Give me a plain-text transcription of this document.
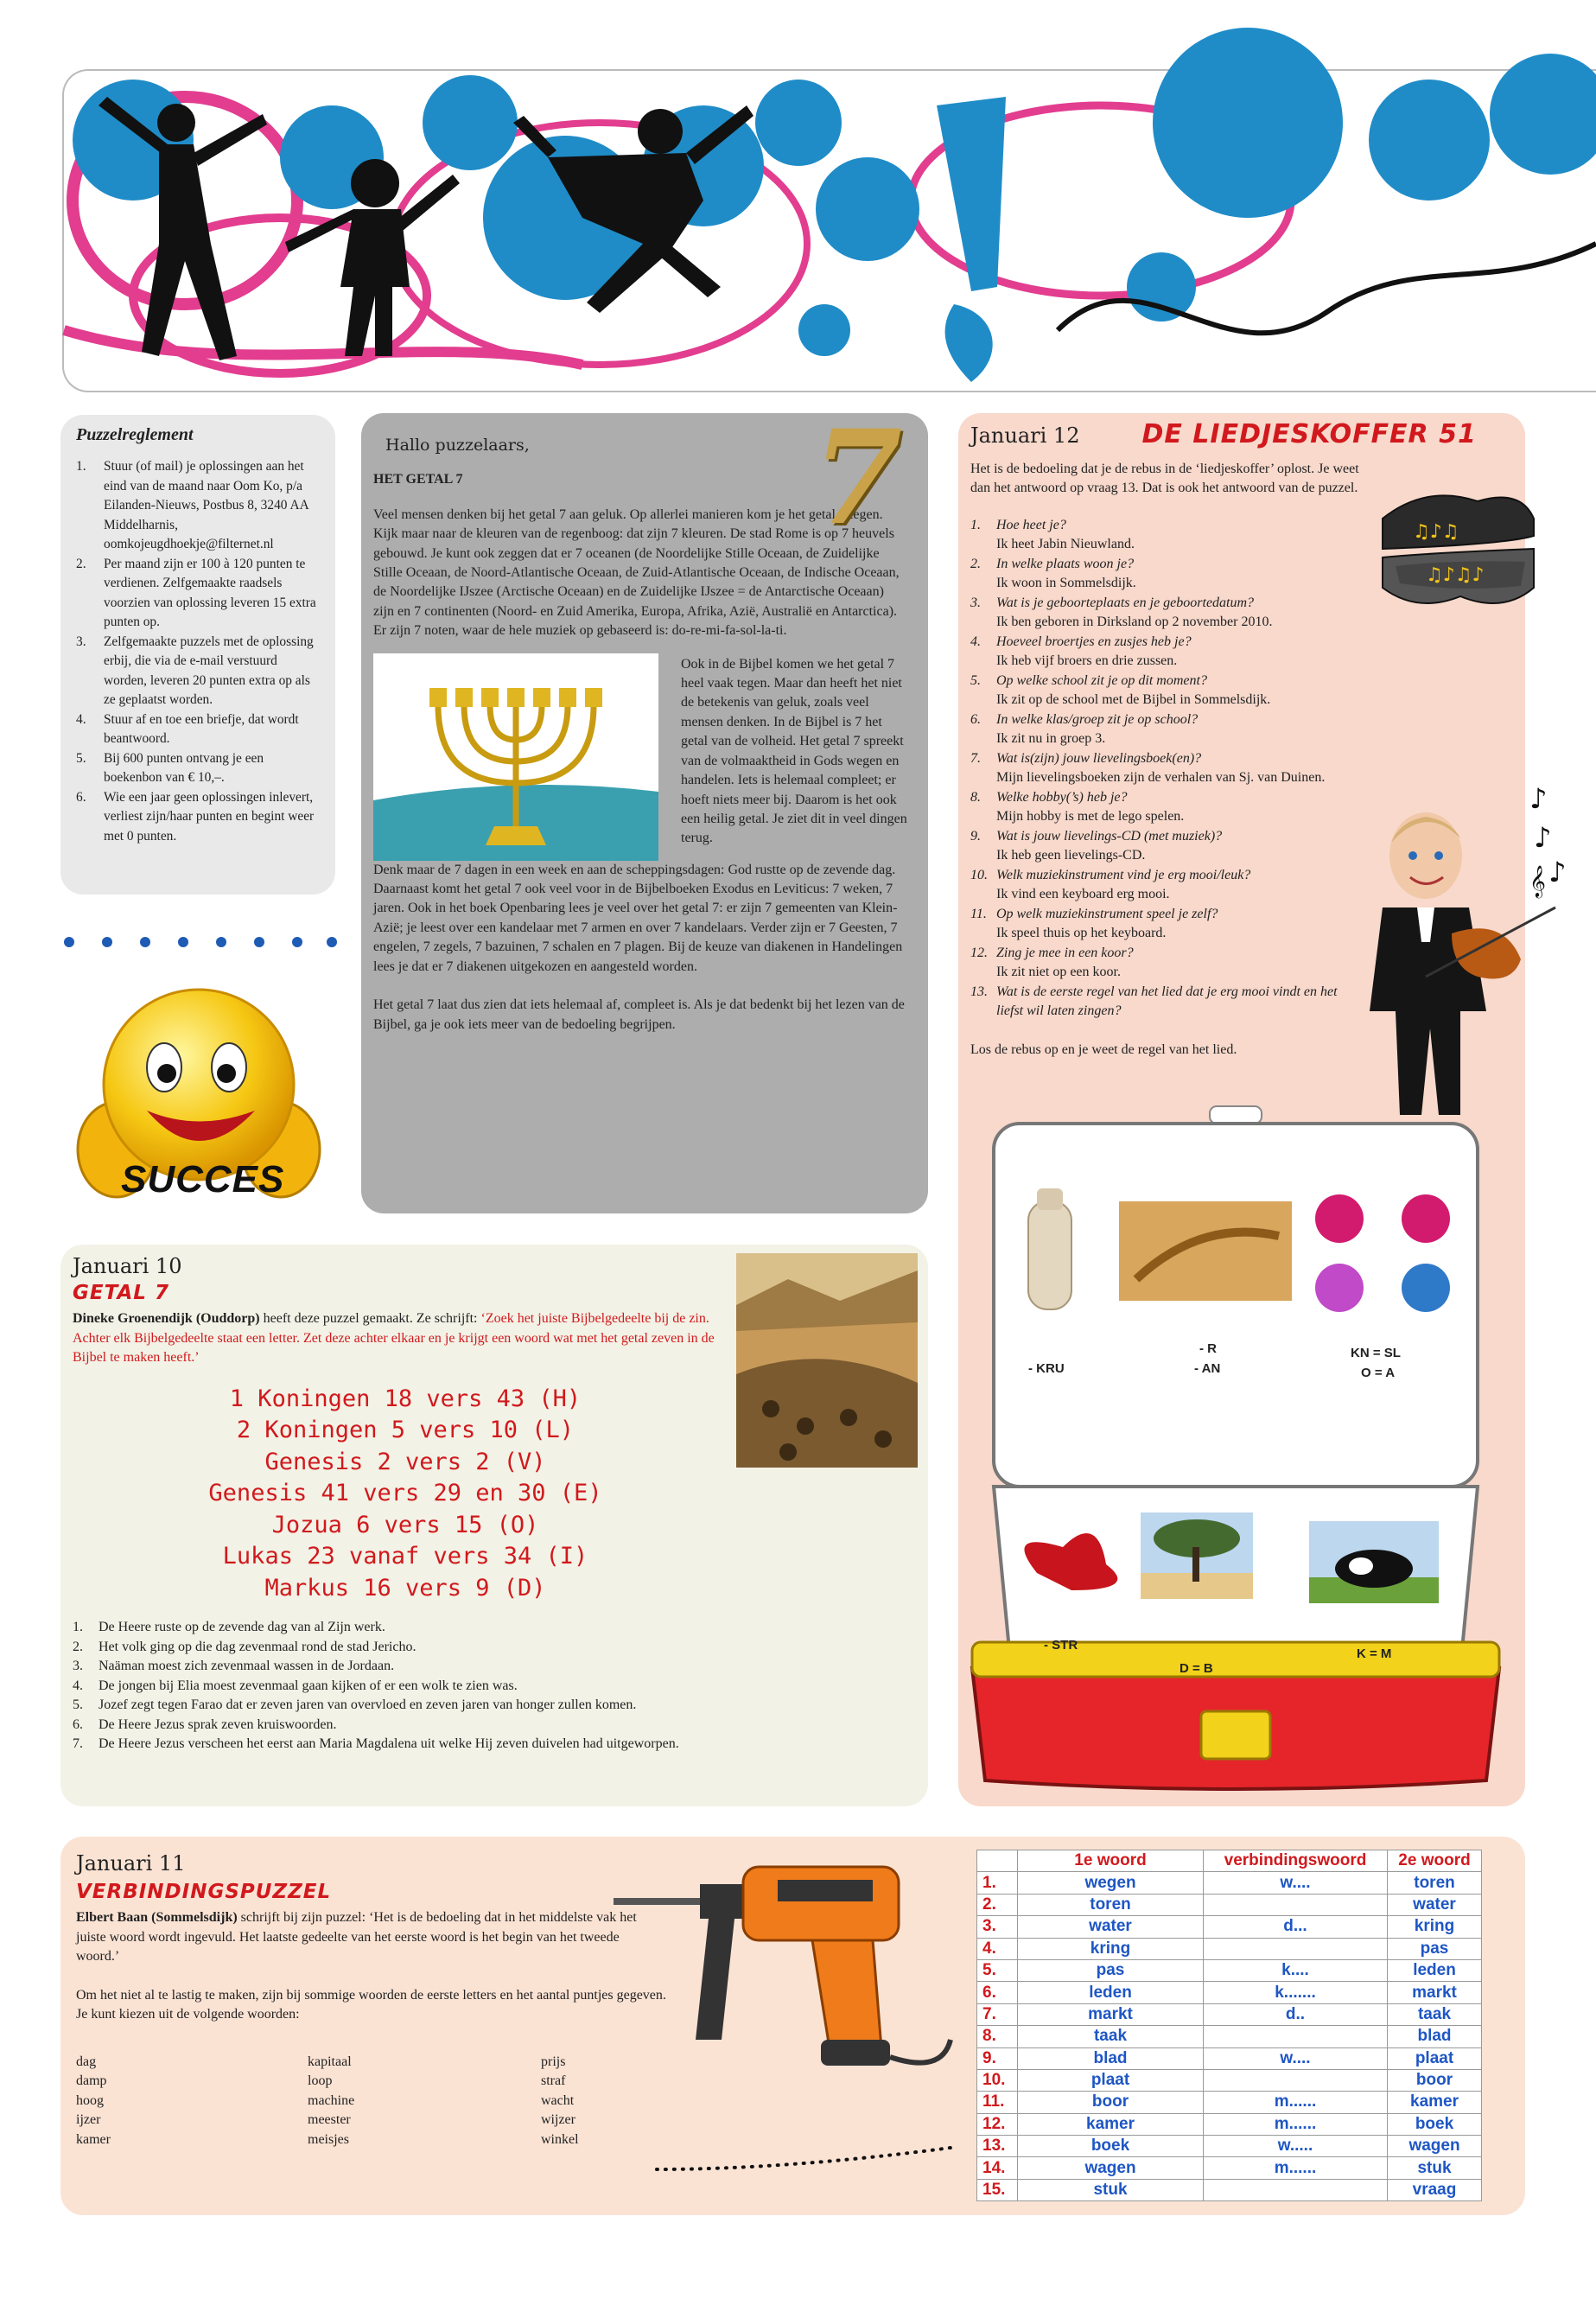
Puzzelreglement
1.	Stuur (of mail) je oplossingen aan het eind van de maand naar Oom Ko, p/a Eilanden-Nieuws, Postbus 8, 3240 AA Middelharnis, oomkojeugdhoekje@filternet.nl
2.	Per maand zijn er 100 à 120 punten te verdienen. Zelfgemaakte raadsels voorzien van oplossing leveren 15 extra punten op.
3.	Zelfgemaakte puzzels met de oplossing erbij, die via de e-mail verstuurd worden, leveren 20 punten extra op als ze geplaatst worden.
4.	Stuur af en toe een briefje, dat wordt beantwoord.
5.	Bij 600 punten ontvang je een boekenbon van € 10,–.
6.	Wie een jaar geen oplossingen inlevert, verliest zijn/haar punten en begint weer met 0 punten.
SUCCES
Hallo puzzelaars,
HET GETAL 7

Veel mensen denken bij het getal 7 aan geluk. Op allerlei manieren kom je het getal 7 tegen. Kijk maar naar de kleuren van de regenboog: dat zijn 7 kleuren. De stad Rome is op 7 heuvels gebouwd. Je kunt ook zeggen dat er 7 oceanen (de Noordelijke Stille Oceaan, de Zuidelijke Stille Oceaan, de Noord-Atlantische Oceaan, de Zuid-Atlantische Oceaan, de Indische Oceaan, de Noordelijke IJszee (Arctische Oceaan) en de Zuidelijke IJszee = de Antarctische Oceaan) zijn en 7 continenten (Noord- en Zuid Amerika, Europa, Afrika, Azië, Australië en Antarctica). Er zijn 7 noten, waar de hele muziek op gebaseerd is: do-re-mi-fa-sol-la-ti.

Ook in de Bijbel komen we het getal 7 heel vaak tegen. Maar dan heeft het niet de betekenis van geluk, zoals veel mensen denken. In de Bijbel is 7 het getal van de volheid. Het getal 7 spreekt van de volmaaktheid in Gods wegen en handelen. Iets is helemaal compleet; er hoeft niets meer bij. Daarom is het ook een heilig getal. Je ziet dit in veel dingen terug.

Denk maar de 7 dagen in een week en aan de scheppingsdagen: God rustte op de zevende dag. Daarnaast komt het getal 7 ook veel voor in de Bijbelboeken Exodus en Leviticus: 7 weken, 7 jaren. Ook in het boek Openbaring lees je veel over het getal 7: er zijn 7 gemeenten van Klein-Azië; je leest over een kandelaar met 7 armen en over 7 kandelaars. Verder zijn er 7 Geesten, 7 engelen, 7 zegels, 7 bazuinen, 7 schalen en 7 plagen. Bij de keuze van diakenen in Handelingen lees je dat er 7 diakenen uitgekozen en aangesteld worden.

Het getal 7 laat dus zien dat iets helemaal af, compleet is. Als je dat bedenkt bij het lezen van de Bijbel, ga je ook iets meer van de bedoeling begrijpen.

7	Januari 12 DE LIEDJESKOFFER 51

Het is de bedoeling dat je de rebus in de ‘liedjeskoffer’ oplost. Je weet dan het antwoord op vraag 13. Dat is ook het antwoord van de puzzel.

1. Hoe heet je?
Ik heet Jabin Nieuwland.
2. In welke plaats woon je?
Ik woon in Sommelsdijk.
3. Wat is je geboorteplaats en je geboortedatum?
Ik ben geboren in Dirksland op 2 november 2010.
4. Hoeveel broertjes en zusjes heb je?
Ik heb vijf broers en drie zussen.
5. Op welke school zit je op dit moment?
Ik zit op de school met de Bijbel in Sommelsdijk.
6. In welke klas/groep zit je op school?
Ik zit nu in groep 3.
7. Wat is(zijn) jouw lievelingsboek(en)?
Mijn lievelingsboeken zijn de verhalen van Sj. van Duinen.
8. Welke hobby(’s) heb je?
Mijn hobby is met de lego spelen.
9. Wat is jouw lievelings-CD (met muziek)?
Ik heb geen lievelings-CD.
10. Welk muziekinstrument vind je erg mooi/leuk?
Ik vind een keyboard erg mooi.
11. Op welk muziekinstrument speel je zelf?
Ik speel thuis op het keyboard.
12. Zing je mee in een koor?
Ik zit niet op een koor.
13. Wat is de eerste regel van het lied dat je erg mooi vindt en het liefst wil laten zingen?

Los de rebus op en je weet de regel van het lied.

♫♪♫
♫♪♫♪
♪
♪
𝄞 ♪
- KRU
- R
- AN
KN = SL
O = A
- STR
D = B
K = M
Januari 10
GETAL 7

Dineke Groenendijk (Ouddorp) heeft deze puzzel gemaakt. Ze schrijft: ‘Zoek het juiste Bijbelgedeelte bij de zin. Achter elk Bijbelgedeelte staat een letter. Zet deze achter elkaar en je krijgt een woord wat met het getal zeven in de Bijbel te maken heeft.’

1 Koningen 18 vers 43 (H)
2 Koningen 5 vers 10 (L)
Genesis 2 vers 2 (V)
Genesis 41 vers 29 en 30 (E)
Jozua 6 vers 15 (O)
Lukas 23 vanaf vers 34 (I)
Markus 16 vers 9 (D)
1. De Heere ruste op de zevende dag van al Zijn werk.
2. Het volk ging op die dag zevenmaal rond de stad Jericho.
3. Naäman moest zich zevenmaal wassen in de Jordaan.
4. De jongen bij Elia moest zevenmaal gaan kijken of er een wolk te zien was.
5. Jozef zegt tegen Farao dat er zeven jaren van overvloed en zeven jaren van honger zullen komen.
6. De Heere Jezus sprak zeven kruiswoorden.
7. De Heere Jezus verscheen het eerst aan Maria Magdalena uit welke Hij zeven duivelen had uitgeworpen.
Januari 11
VERBINDINGSPUZZEL

Elbert Baan (Sommelsdijk) schrijft bij zijn puzzel: ‘Het is de bedoeling dat in het middelste vak het juiste woord wordt ingevuld. Het laatste gedeelte van het eerste woord is het begin van het tweede woord.’

Om het niet al te lastig te maken, zijn bij sommige woorden de eerste letters en het aantal puntjes gegeven.

Je kunt kiezen uit de volgende woorden:

dag
damp
hoog
ijzer
kamer
kapitaal
loop
machine
meester
meisjes
prijs
straf
wacht
wijzer
winkel
	1e woord	verbindingswoord	2e woord
1.	wegen	w....	toren
2.	toren		water
3.	water	d...	kring
4.	kring		pas
5.	pas	k....	leden
6.	leden	k.......	markt
7.	markt	d..	taak
8.	taak		blad
9.	blad	w....	plaat
10.	plaat		boor
11.	boor	m......	kamer
12.	kamer	m......	boek
13.	boek	w.....	wagen
14.	wagen	m......	stuk
15.	stuk		vraag
